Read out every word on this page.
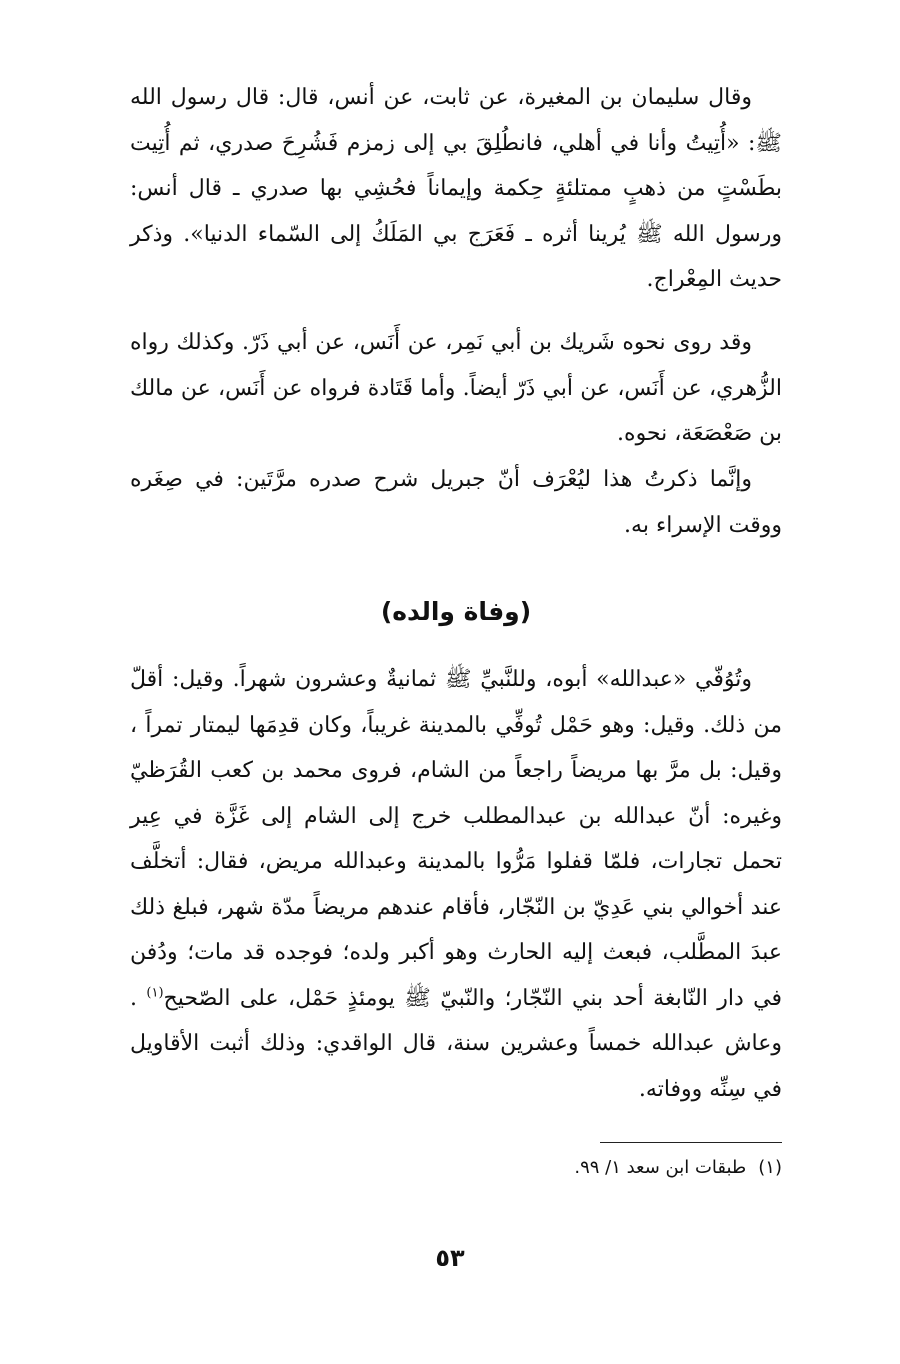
وقال سليمان بن المغيرة، عن ثابت، عن أنس، قال: قال رسول الله ﷺ: «أُتِيتُ وأنا في أهلي، فانطُلِقَ بي إلى زمزم فَشُرِحَ صدري، ثم أُتِيت بطَسْتٍ من ذهبٍ ممتلئةٍ حِكمة وإيماناً فحُشِي بها صدري ـ قال أنس: ورسول الله ﷺ يُرينا أثره ـ فَعَرَج بي المَلَكُ إلى السّماء الدنيا». وذكر حديث المِعْراج.

وقد روى نحوه شَريك بن أبي نَمِر، عن أَنَس، عن أبي ذَرّ. وكذلك رواه الزُّهري، عن أَنَس، عن أبي ذَرّ أيضاً. وأما قَتَادة فرواه عن أَنَس، عن مالك بن صَعْصَعَة، نحوه.

وإنَّما ذكرتُ هذا ليُعْرَف أنّ جبريل شرح صدره مرَّتَين: في صِغَره ووقت الإسراء به.

(وفاة والده)

وتُوُفّي «عبدالله» أبوه، وللنَّبيِّ ﷺ ثمانيةٌ وعشرون شهراً. وقيل: أقلّ من ذلك. وقيل: وهو حَمْل تُوفِّي بالمدينة غريباً، وكان قدِمَها ليمتار تمراً ، وقيل: بل مرَّ بها مريضاً راجعاً من الشام، فروى محمد بن كعب القُرَظيّ وغيره: أنّ عبدالله بن عبدالمطلب خرج إلى الشام إلى غَزَّة في عِير تحمل تجارات، فلمّا قفلوا مَرُّوا بالمدينة وعبدالله مريض، فقال: أتخلَّف عند أخوالي بني عَدِيّ بن النّجّار، فأقام عندهم مريضاً مدّة شهر، فبلغ ذلك عبدَ المطَّلب، فبعث إليه الحارث وهو أكبر ولده؛ فوجده قد مات؛ ودُفن في دار النّابغة أحد بني النّجّار؛ والنّبيّ ﷺ يومئذٍ حَمْل، على الصّحيح$^{(١)}$ . وعاش عبدالله خمساً وعشرين سنة، قال الواقدي: وذلك أثبت الأقاويل في سِنِّه ووفاته.

(١)طبقات ابن سعد ١/ ٩٩.
٥٣
